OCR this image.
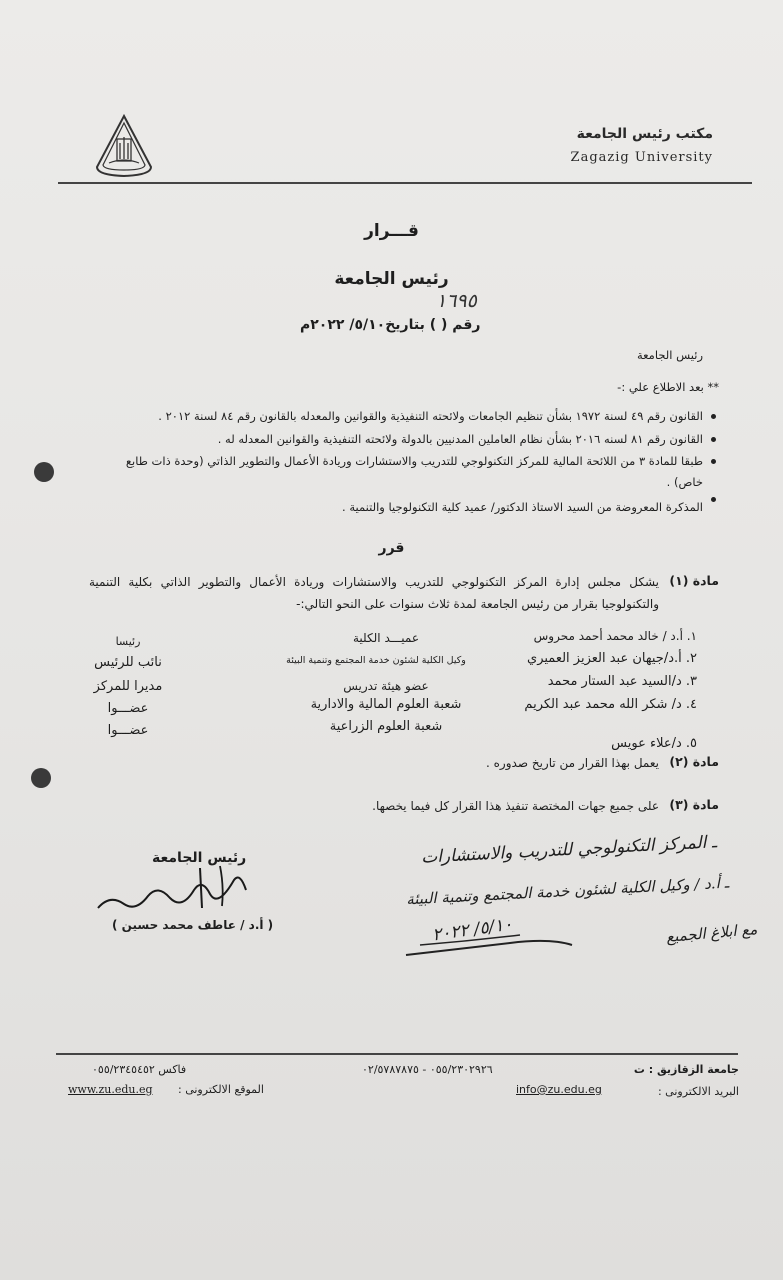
مكتب رئيس الجامعة
Zagazig University
قـــرار
رئيس الجامعة
١٦٩٥
رقم ( ) بتاريخ٥/١٠/ ٢٠٢٢م
رئيس الجامعة
** بعد الاطلاع علي :-
القانون رقم ٤٩ لسنة ١٩٧٢ بشأن تنظيم الجامعات ولائحته التنفيذية والقوانين والمعدله بالقانون رقم ٨٤ لسنة ٢٠١٢ .
القانون رقم ٨١ لسنه ٢٠١٦ بشأن نظام العاملين المدنيين بالدولة ولائحته التنفيذية والقوانين المعدله له .
طبقا للمادة ٣ من اللائحة المالية للمركز التكنولوجي للتدريب والاستشارات وريادة الأعمال والتطوير الذاتي (وحدة ذات طابع
خاص) .
المذكرة المعروضة من السيد الاستاذ الدكتور/ عميد كلية التكنولوجيا والتنمية .
قرر
مادة (١)
يشكل مجلس إدارة المركز التكنولوجي للتدريب والاستشارات وريادة الأعمال والتطوير الذاتي بكلية التنمية والتكنولوجيا بقرار من رئيس الجامعة لمدة ثلاث سنوات على النحو التالي:-
١. أ.د / خالد محمد أحمد محروس
عميـــد الكلية
رئيسا
٢. أ.د/جيهان عبد العزيز العميري
وكيل الكلية لشئون خدمة المجتمع وتنمية البيئة
نائب للرئيس
٣. د/السيد عبد الستار محمد
عضو هيئة تدريس
مديرا للمركز
٤. د/ شكر الله محمد عبد الكريم
شعبة العلوم المالية والادارية
عضـــوا
٥. د/علاء عويس
شعبة العلوم الزراعية
عضـــوا
مادة (٢)
يعمل بهذا القرار من تاريخ صدوره .
مادة (٣)
على جميع جهات المختصة تنفيذ هذا القرار كل فيما يخصها.
ـ المركز التكنولوجي للتدريب والاستشارات
ـ أ.د / وكيل الكلية لشئون خدمة المجتمع وتنمية البيئة
مع ابلاغ الجميع
٥/١٠/ ٢٠٢٢
رئيس الجامعة
( أ.د / عاطف محمد حسين )
جامعة الزقازيق : ت
٠٥٥/٢٣٠٢٩٢٦ - ٠٢/٥٧٨٧٨٧٥
فاكس ٠٥٥/٢٣٤٥٤٥٢
البريد الالكترونى :
info@zu.edu.eg
الموقع الالكترونى :
www.zu.edu.eg
